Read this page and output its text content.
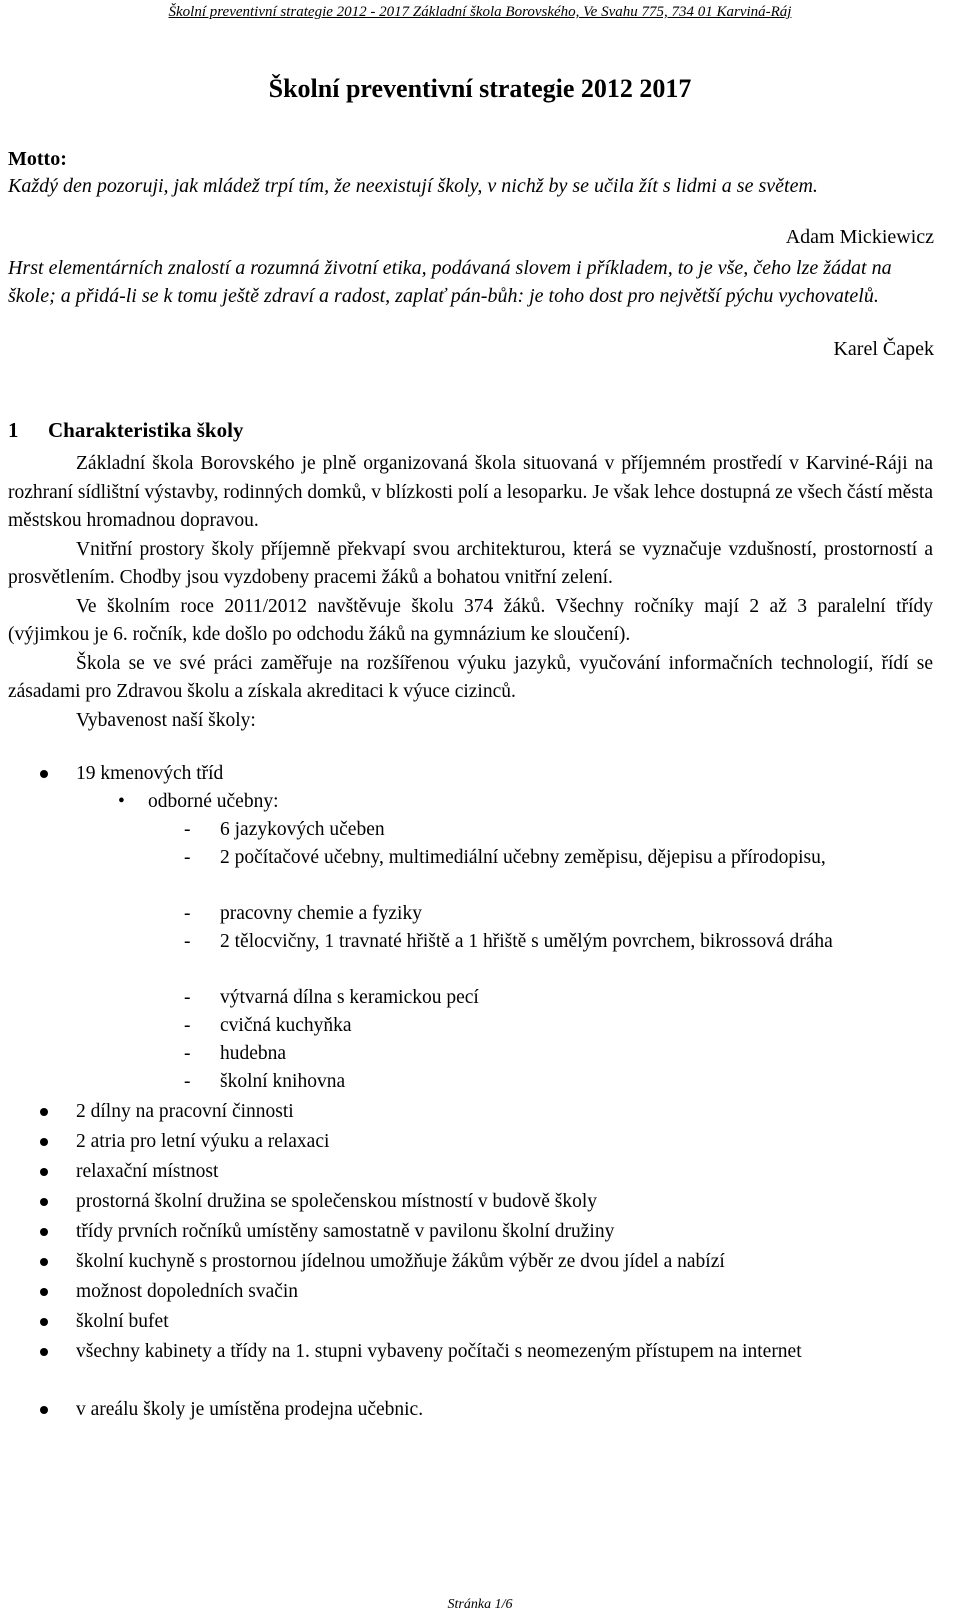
Školní preventivní strategie 2012 - 2017 Základní škola Borovského, Ve Svahu 775, 734 01 Karviná-Ráj
Školní preventivní strategie 2012 2017
Motto:
Každý den pozoruji, jak mládež trpí tím, že neexistují školy, v nichž by se učila žít s lidmi a se světem.
Adam Mickiewicz
Hrst elementárních znalostí a rozumná životní etika, podávaná slovem i příkladem, to je vše, čeho lze žádat na škole; a přidá-li se k tomu ještě zdraví a radost, zaplať pán-bůh: je toho dost pro největší pýchu vychovatelů.
Karel Čapek
1 Charakteristika školy

Základní škola Borovského je plně organizovaná škola situovaná v příjemném prostředí v Karviné-Ráji na rozhraní sídlištní výstavby, rodinných domků, v blízkosti polí a lesoparku. Je však lehce dostupná ze všech částí města městskou hromadnou dopravou.

Vnitřní prostory školy příjemně překvapí svou architekturou, která se vyznačuje vzdušností, prostorností a prosvětlením. Chodby jsou vyzdobeny pracemi žáků a bohatou vnitřní zelení.

Ve školním roce 2011/2012 navštěvuje školu 374 žáků. Všechny ročníky mají 2 až 3 paralelní třídy (výjimkou je 6. ročník, kde došlo po odchodu žáků na gymnázium ke sloučení).

Škola se ve své práci zaměřuje na rozšířenou výuku jazyků, vyučování informačních technologií, řídí se zásadami pro Zdravou školu a získala akreditaci k výuce cizinců.

Vybavenost naší školy:

19 kmenových tříd
• odborné učebny:
- 6 jazykových učeben
- 2 počítačové učebny, multimediální učebny zeměpisu, dějepisu a přírodopisu,
- pracovny chemie a fyziky
- 2 tělocvičny, 1 travnaté hřiště a 1 hřiště s umělým povrchem, bikrossová dráha
- výtvarná dílna s keramickou pecí
- cvičná kuchyňka
- hudebna
- školní knihovna
2 dílny na pracovní činnosti
2 atria pro letní výuku a relaxaci
relaxační místnost
prostorná školní družina se společenskou místností v budově školy
třídy prvních ročníků umístěny samostatně v pavilonu školní družiny
školní kuchyně s prostornou jídelnou umožňuje žákům výběr ze dvou jídel a nabízí
možnost dopoledních svačin
školní bufet
všechny kabinety a třídy na 1. stupni vybaveny počítači s neomezeným přístupem na internet
v areálu školy je umístěna prodejna učebnic.
Stránka 1/6
